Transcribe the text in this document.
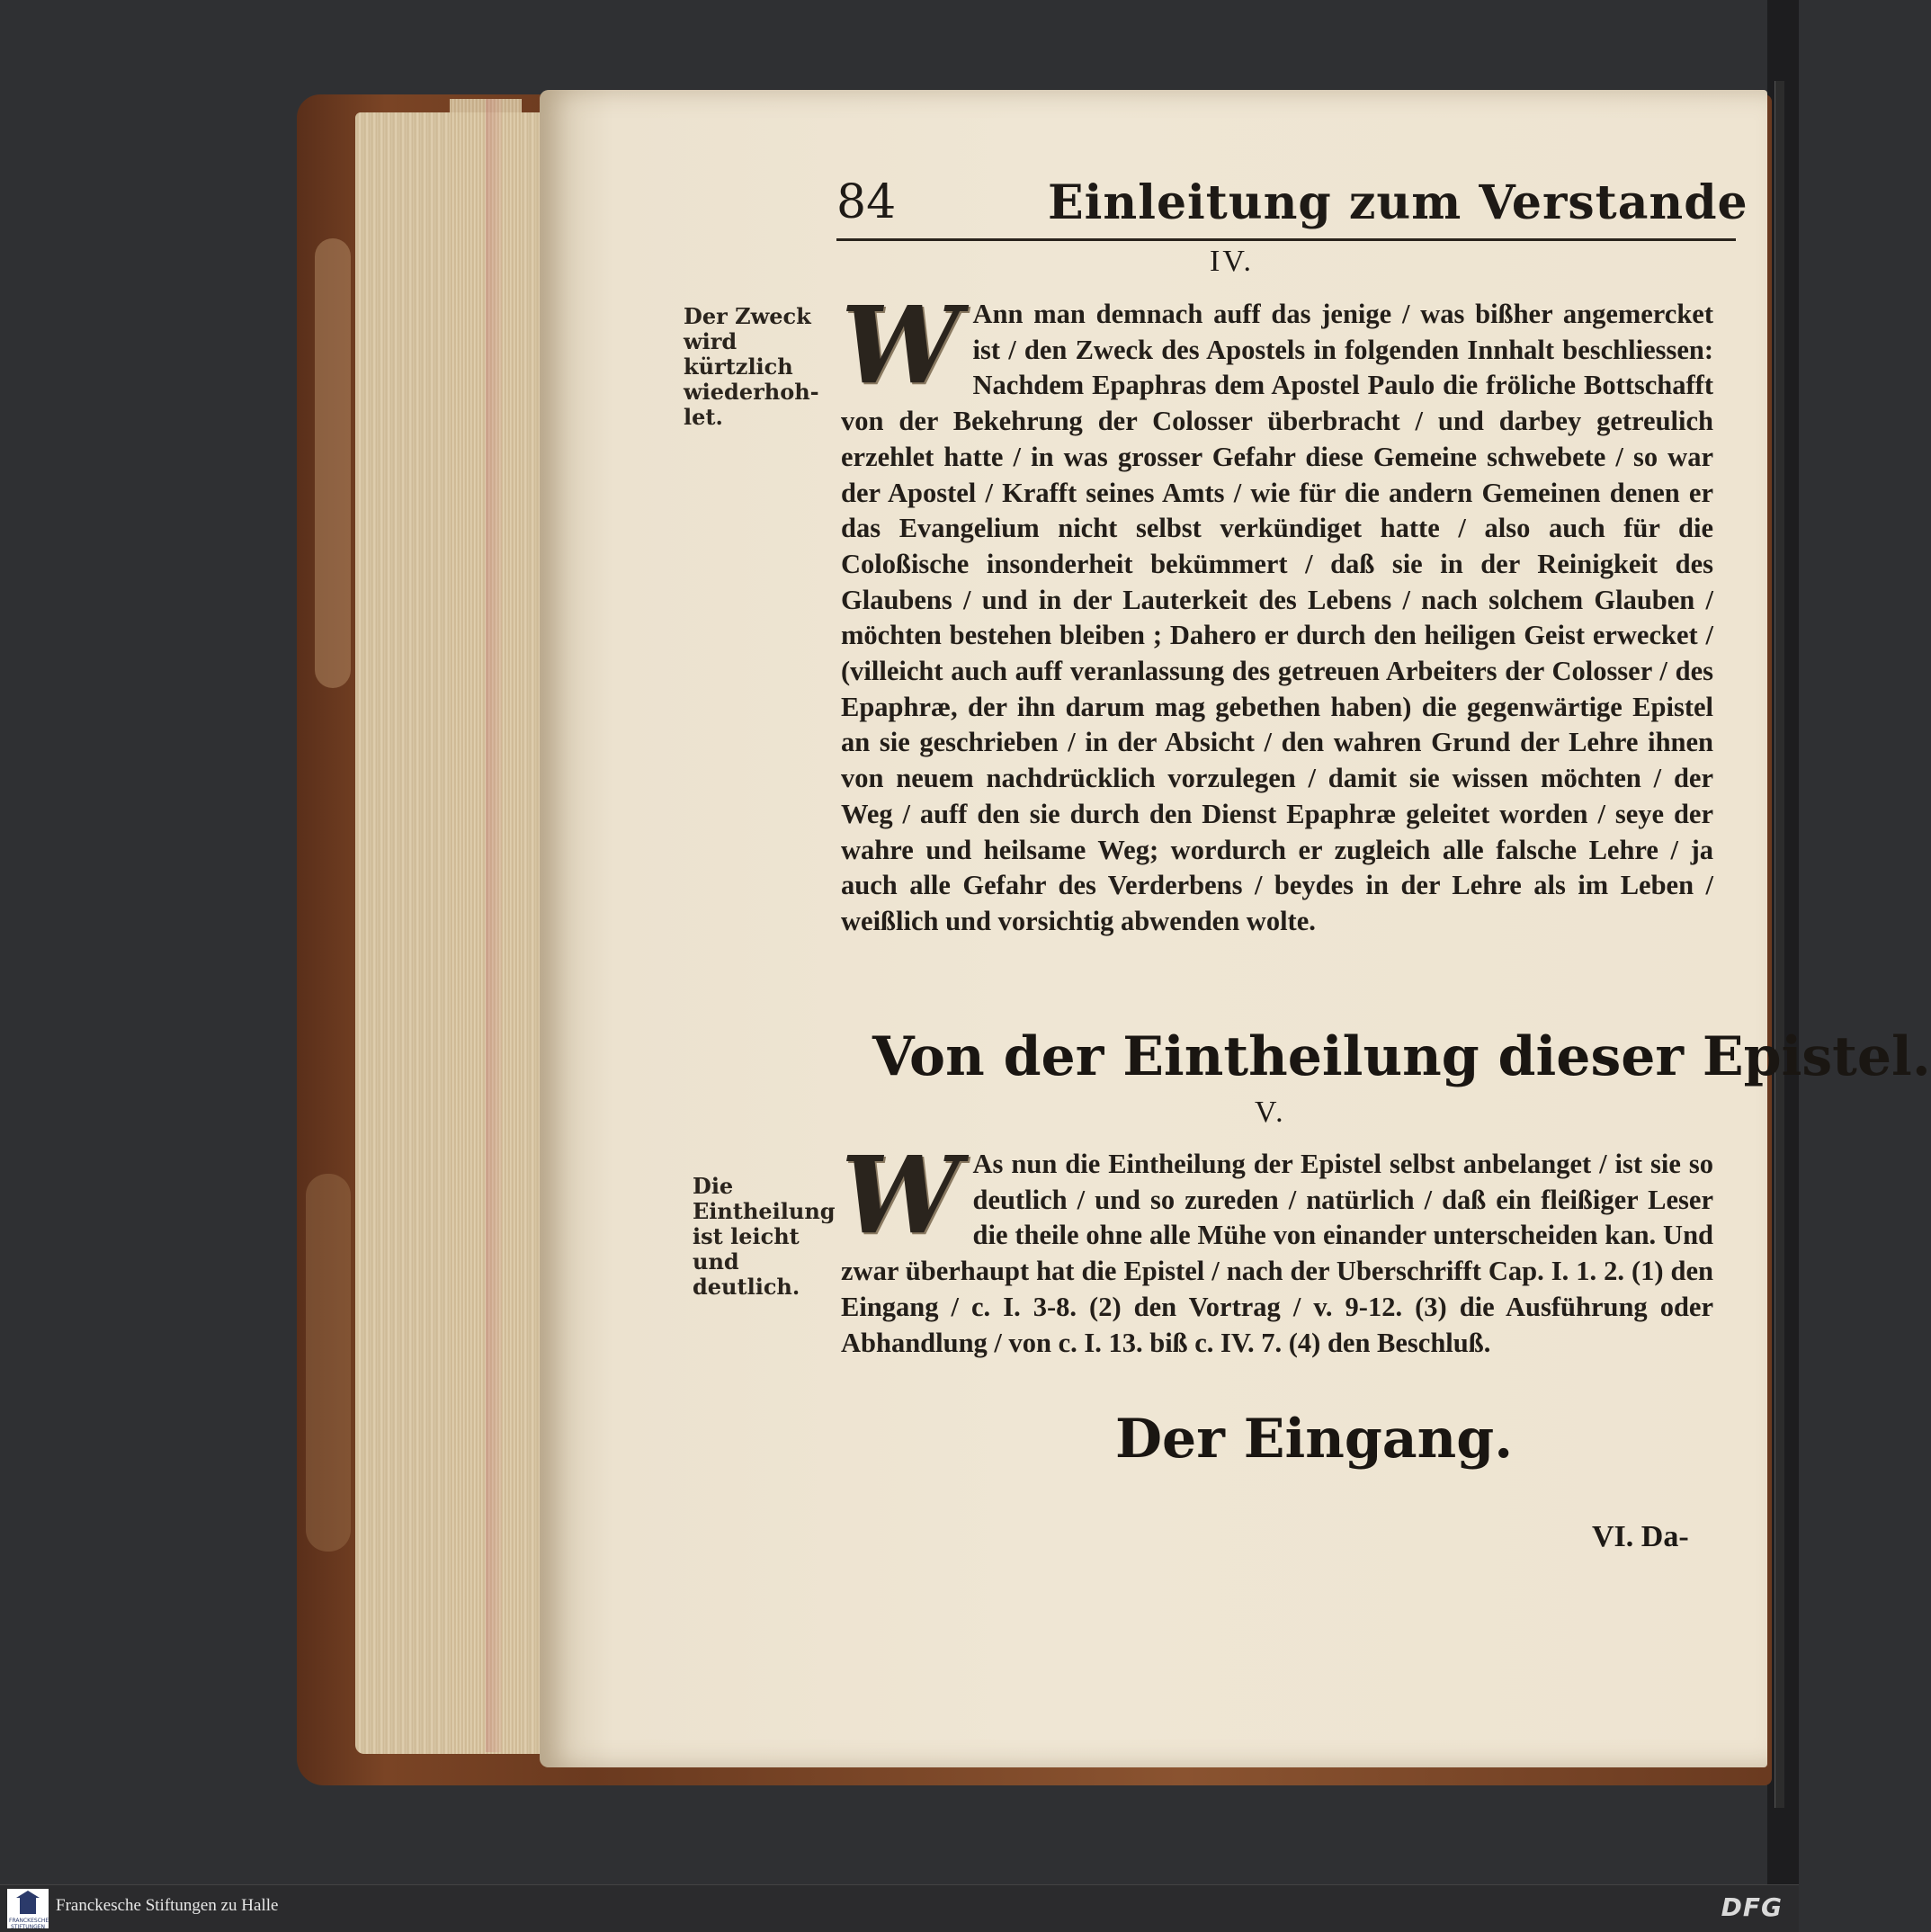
84	Einleitung zum Verstande
IV.
Der Zweck wird kürtzlich wiederhoh-let.
W Ann man demnach auff das jenige / was bißher angemercket ist / den Zweck des Apostels in folgenden Innhalt beschliessen: Nachdem Epaphras dem Apostel Paulo die fröliche Bottschafft von der Bekehrung der Colosser überbracht / und darbey getreulich erzehlet hatte / in was grosser Gefahr diese Gemeine schwebete / so war der Apostel / Krafft seines Amts / wie für die andern Gemeinen denen er das Evangelium nicht selbst verkündiget hatte / also auch für die Coloßische insonderheit bekümmert / daß sie in der Reinigkeit des Glaubens / und in der Lauterkeit des Lebens / nach solchem Glauben / möchten bestehen bleiben ; Dahero er durch den heiligen Geist erwecket / (villeicht auch auff veranlassung des getreuen Arbeiters der Colosser / des Epaphræ, der ihn darum mag gebethen haben) die gegenwärtige Epistel an sie geschrieben / in der Absicht / den wahren Grund der Lehre ihnen von neuem nachdrücklich vorzulegen / damit sie wissen möchten / der Weg / auff den sie durch den Dienst Epaphræ geleitet worden / seye der wahre und heilsame Weg; wordurch er zugleich alle falsche Lehre / ja auch alle Gefahr des Verderbens / beydes in der Lehre als im Leben / weißlich und vorsichtig abwenden wolte.
Von der Eintheilung dieser Epistel.
V.
Die Eintheilung ist leicht und deutlich.
W As nun die Eintheilung der Epistel selbst anbelanget / ist sie so deutlich / und so zureden / natürlich / daß ein fleißiger Leser die theile ohne alle Mühe von einander unterscheiden kan. Und zwar überhaupt hat die Epistel / nach der Uberschrifft Cap. I. 1. 2. (1) den Eingang / c. I. 3-8. (2) den Vortrag / v. 9-12. (3) die Ausführung oder Abhandlung / von c. I. 13. biß c. IV. 7. (4) den Beschluß.
Der Eingang.
VI. Da-
FRANCKESCHE STIFTUNGEN
Franckesche Stiftungen zu Halle	DFG
